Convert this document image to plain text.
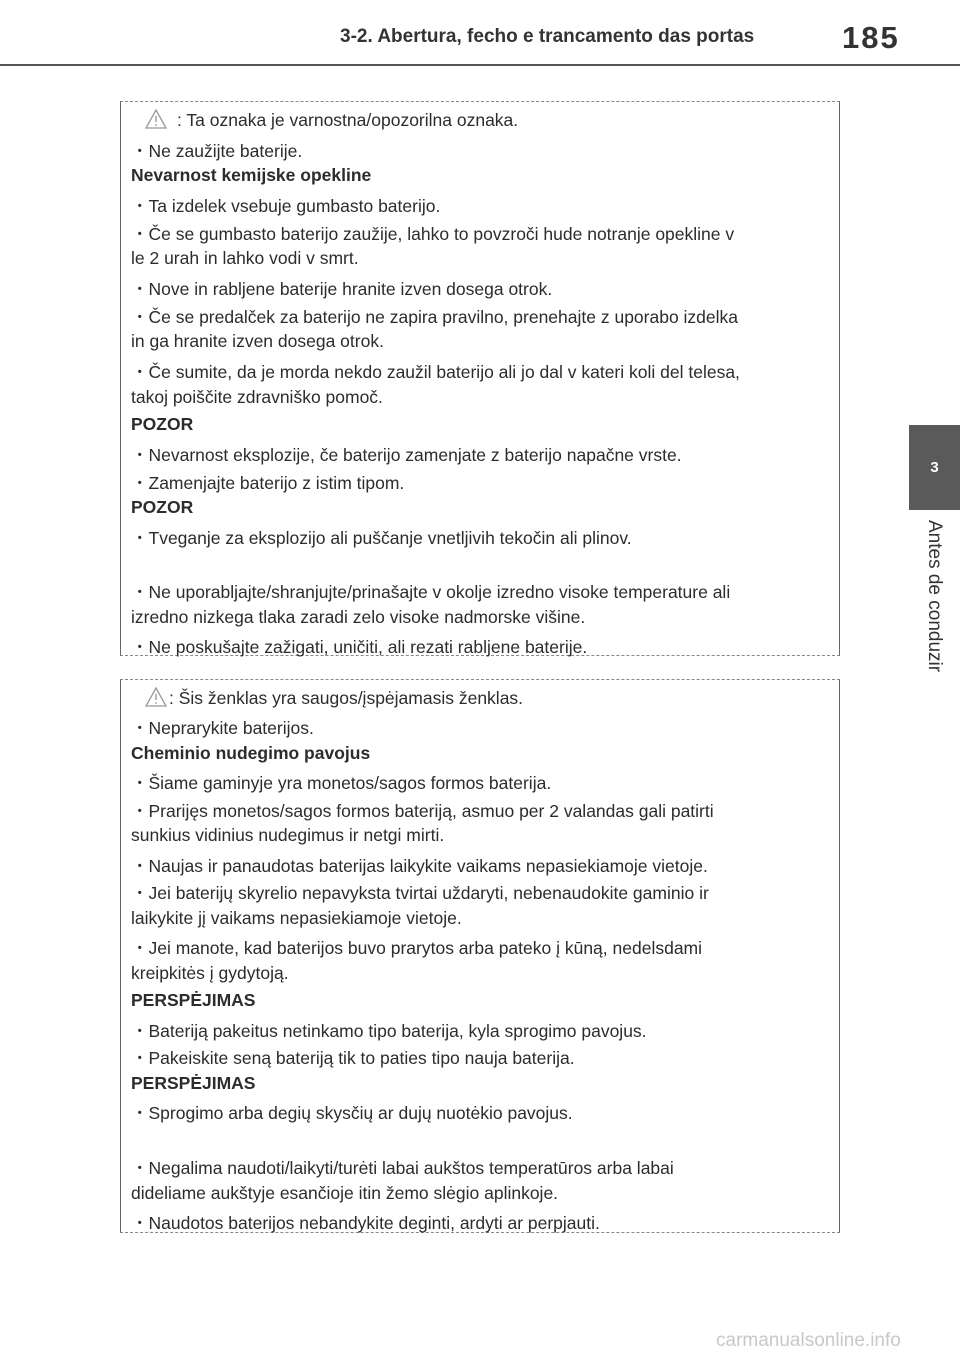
3-2. Abertura, fecho e trancamento das portas	185
3
Antes de conduzir
: Ta oznaka je varnostna/opozorilna oznaka.
・Ne zaužijte baterije.
Nevarnost kemijske opekline
・Ta izdelek vsebuje gumbasto baterijo.
・Če se gumbasto baterijo zaužije, lahko to povzroči hude notranje opekline v
le 2 urah in lahko vodi v smrt.
・Nove in rabljene baterije hranite izven dosega otrok.
・Če se predalček za baterijo ne zapira pravilno, prenehajte z uporabo izdelka
in ga hranite izven dosega otrok.
・Če sumite, da je morda nekdo zaužil baterijo ali jo dal v kateri koli del telesa,
takoj poiščite zdravniško pomoč.
POZOR
・Nevarnost eksplozije, če baterijo zamenjate z baterijo napačne vrste.
・Zamenjajte baterijo z istim tipom.
POZOR
・Tveganje za eksplozijo ali puščanje vnetljivih tekočin ali plinov.
・Ne uporabljajte/shranjujte/prinašajte v okolje izredno visoke temperature ali
izredno nizkega tlaka zaradi zelo visoke nadmorske višine.
・Ne poskušajte zažigati, uničiti, ali rezati rabljene baterije.
: Šis ženklas yra saugos/įspėjamasis ženklas.
・Neprarykite baterijos.
Cheminio nudegimo pavojus
・Šiame gaminyje yra monetos/sagos formos baterija.
・Prarijęs monetos/sagos formos bateriją, asmuo per 2 valandas gali patirti
sunkius vidinius nudegimus ir netgi mirti.
・Naujas ir panaudotas baterijas laikykite vaikams nepasiekiamoje vietoje.
・Jei baterijų skyrelio nepavyksta tvirtai uždaryti, nebenaudokite gaminio ir
laikykite jį vaikams nepasiekiamoje vietoje.
・Jei manote, kad baterijos buvo prarytos arba pateko į kūną, nedelsdami
kreipkitės į gydytoją.
PERSPĖJIMAS
・Bateriją pakeitus netinkamo tipo baterija, kyla sprogimo pavojus.
・Pakeiskite seną bateriją tik to paties tipo nauja baterija.
PERSPĖJIMAS
・Sprogimo arba degių skysčių ar dujų nuotėkio pavojus.
・Negalima naudoti/laikyti/turėti labai aukštos temperatūros arba labai
dideliame aukštyje esančioje itin žemo slėgio aplinkoje.
・Naudotos baterijos nebandykite deginti, ardyti ar perpjauti.
carmanualsonline.info
